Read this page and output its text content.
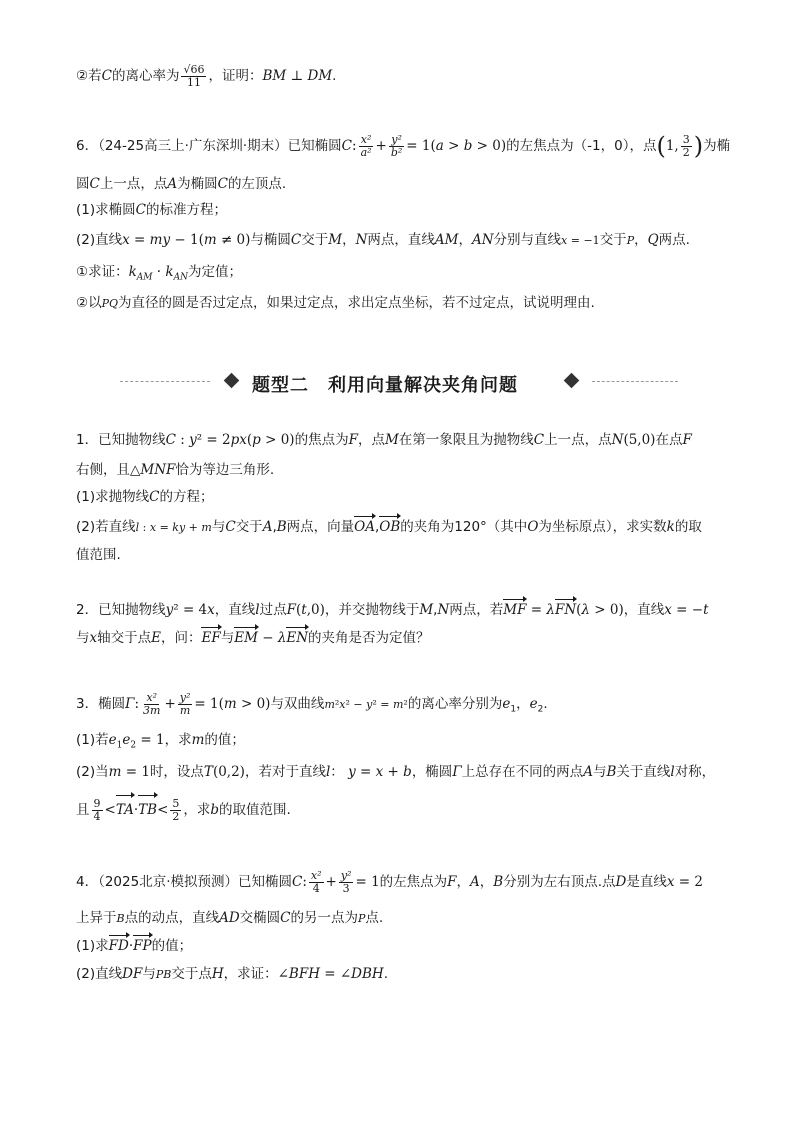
②若C的离心率为 $\frac{√66}{11}$ ，证明：BM ⊥ DM.
6．（24-25高三上·广东深圳·期末）已知椭圆C: $\frac{\text{x²}}{\text{a²}} + \frac{\text{y²}}{\text{b²}} = 1(a > b > 0)$的左焦点为（-1，0），点(1, $\frac{3}{2}$ )为椭
圆C上一点，点A为椭圆C的左顶点.
(1)求椭圆C的标准方程；
(2)直线x = my − 1(m ≠ 0)与椭圆C交于M，N两点，直线AM，AN分别与直线x = −1交于P，Q两点.
①求证：$k_{AM} \cdot k_{AN}$为定值；
②以PQ为直径的圆是否过定点，如果过定点，求出定点坐标，若不过定点，试说明理由.
题型二　利用向量解决夹角问题
1．已知抛物线C : y² = 2px(p > 0)的焦点为F，点M在第一象限且为抛物线C上一点，点N(5,0)在点F
右侧，且△MNF恰为等边三角形.
(1)求抛物线C的方程；
(2)若直线l : x = ky + m与C交于A,B两点，向量OA,OB的夹角为120°（其中O为坐标原点），求实数k的取
值范围.
2．已知抛物线y² = 4x，直线l过点F(t,0)，并交抛物线于M,N两点，若MF = λFN(λ > 0)，直线x = −t
与x轴交于点E，问：EF与EM − λEN的夹角是否为定值？
3．椭圆Γ: $\frac{\text{x²}}{3m} + \frac{\text{y²}}{m} = 1(m > 0)$与双曲线m²x² − y² = m²的离心率分别为$e_1$，$e_2$.
(1)若$e_1e_2 = 1$，求m的值；
(2)当m = 1时，设点T(0,2)，若对于直线l： y = x + b，椭圆Γ上总存在不同的两点A与B关于直线l对称，
且 $\frac{9}{4} <TA\cdot TB< \frac{5}{2}$ ，求b的取值范围.
4．（2025北京·模拟预测）已知椭圆C: $\frac{\text{x²}}{4} + \frac{\text{y²}}{3} = 1$的左焦点为F，A，B分别为左右顶点.点D是直线x = 2
上异于B点的动点，直线AD交椭圆C的另一点为P点.
(1)求FD·FP的值；
(2)直线DF与PB交于点H，求证：∠BFH = ∠DBH.
